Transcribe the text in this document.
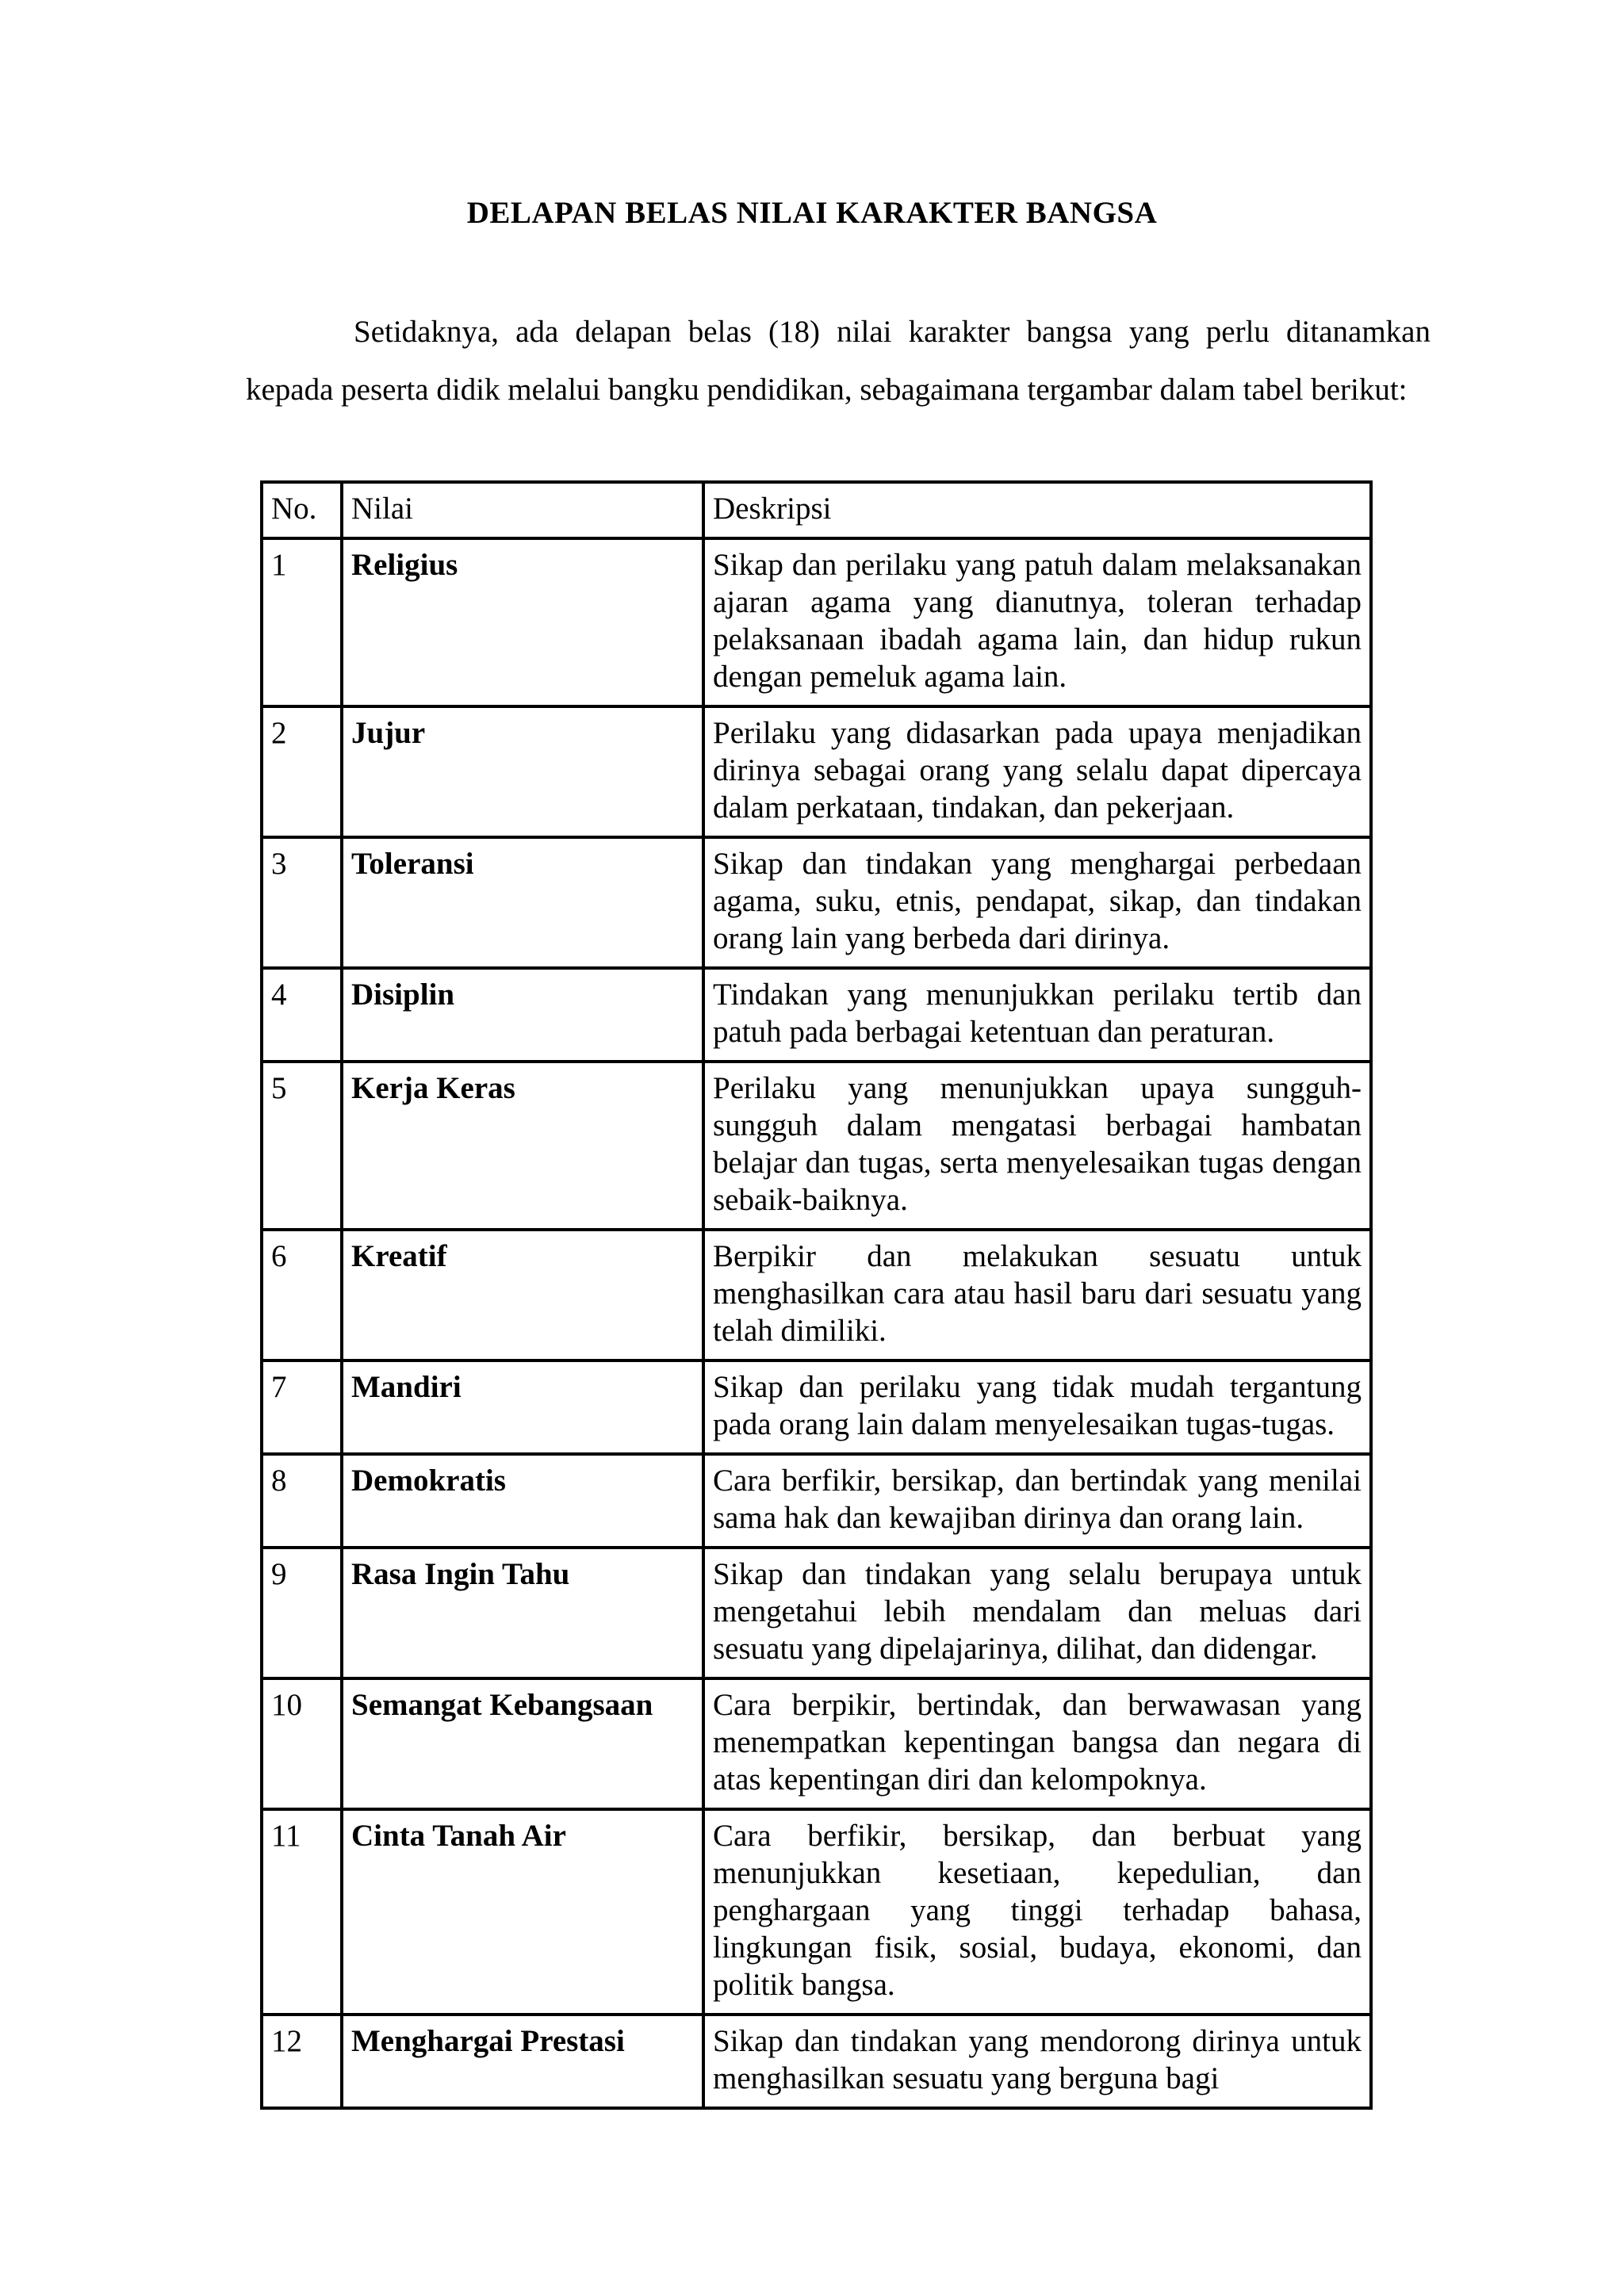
DELAPAN BELAS NILAI KARAKTER BANGSA
Setidaknya, ada delapan belas (18) nilai karakter bangsa yang perlu ditanamkan kepada peserta didik melalui bangku pendidikan, sebagaimana tergambar dalam tabel berikut:
No.	Nilai	Deskripsi
1	Religius	Sikap dan perilaku yang patuh dalam melaksanakan ajaran agama yang dianutnya, toleran terhadap pelaksanaan ibadah agama lain, dan hidup rukun dengan pemeluk agama lain.
2	Jujur	Perilaku yang didasarkan pada upaya menjadikan dirinya sebagai orang yang selalu dapat dipercaya dalam perkataan, tindakan, dan pekerjaan.
3	Toleransi	Sikap dan tindakan yang menghargai perbedaan agama, suku, etnis, pendapat, sikap, dan tindakan orang lain yang berbeda dari dirinya.
4	Disiplin	Tindakan yang menunjukkan perilaku tertib dan patuh pada berbagai ketentuan dan peraturan.
5	Kerja Keras	Perilaku yang menunjukkan upaya sungguh-sungguh dalam mengatasi berbagai hambatan belajar dan tugas, serta menyelesaikan tugas dengan sebaik-baiknya.
6	Kreatif	Berpikir dan melakukan sesuatu untuk menghasilkan cara atau hasil baru dari sesuatu yang telah dimiliki.
7	Mandiri	Sikap dan perilaku yang tidak mudah tergantung pada orang lain dalam menyelesaikan tugas-tugas.
8	Demokratis	Cara berfikir, bersikap, dan bertindak yang menilai sama hak dan kewajiban dirinya dan orang lain.
9	Rasa Ingin Tahu	Sikap dan tindakan yang selalu berupaya untuk mengetahui lebih mendalam dan meluas dari sesuatu yang dipelajarinya, dilihat, dan didengar.
10	Semangat Kebangsaan	Cara berpikir, bertindak, dan berwawasan yang menempatkan kepentingan bangsa dan negara di atas kepentingan diri dan kelompoknya.
11	Cinta Tanah Air	Cara berfikir, bersikap, dan berbuat yang menunjukkan kesetiaan, kepedulian, dan penghargaan yang tinggi terhadap bahasa, lingkungan fisik, sosial, budaya, ekonomi, dan politik bangsa.
12	Menghargai Prestasi	Sikap dan tindakan yang mendorong dirinya untuk menghasilkan sesuatu yang berguna bagi
